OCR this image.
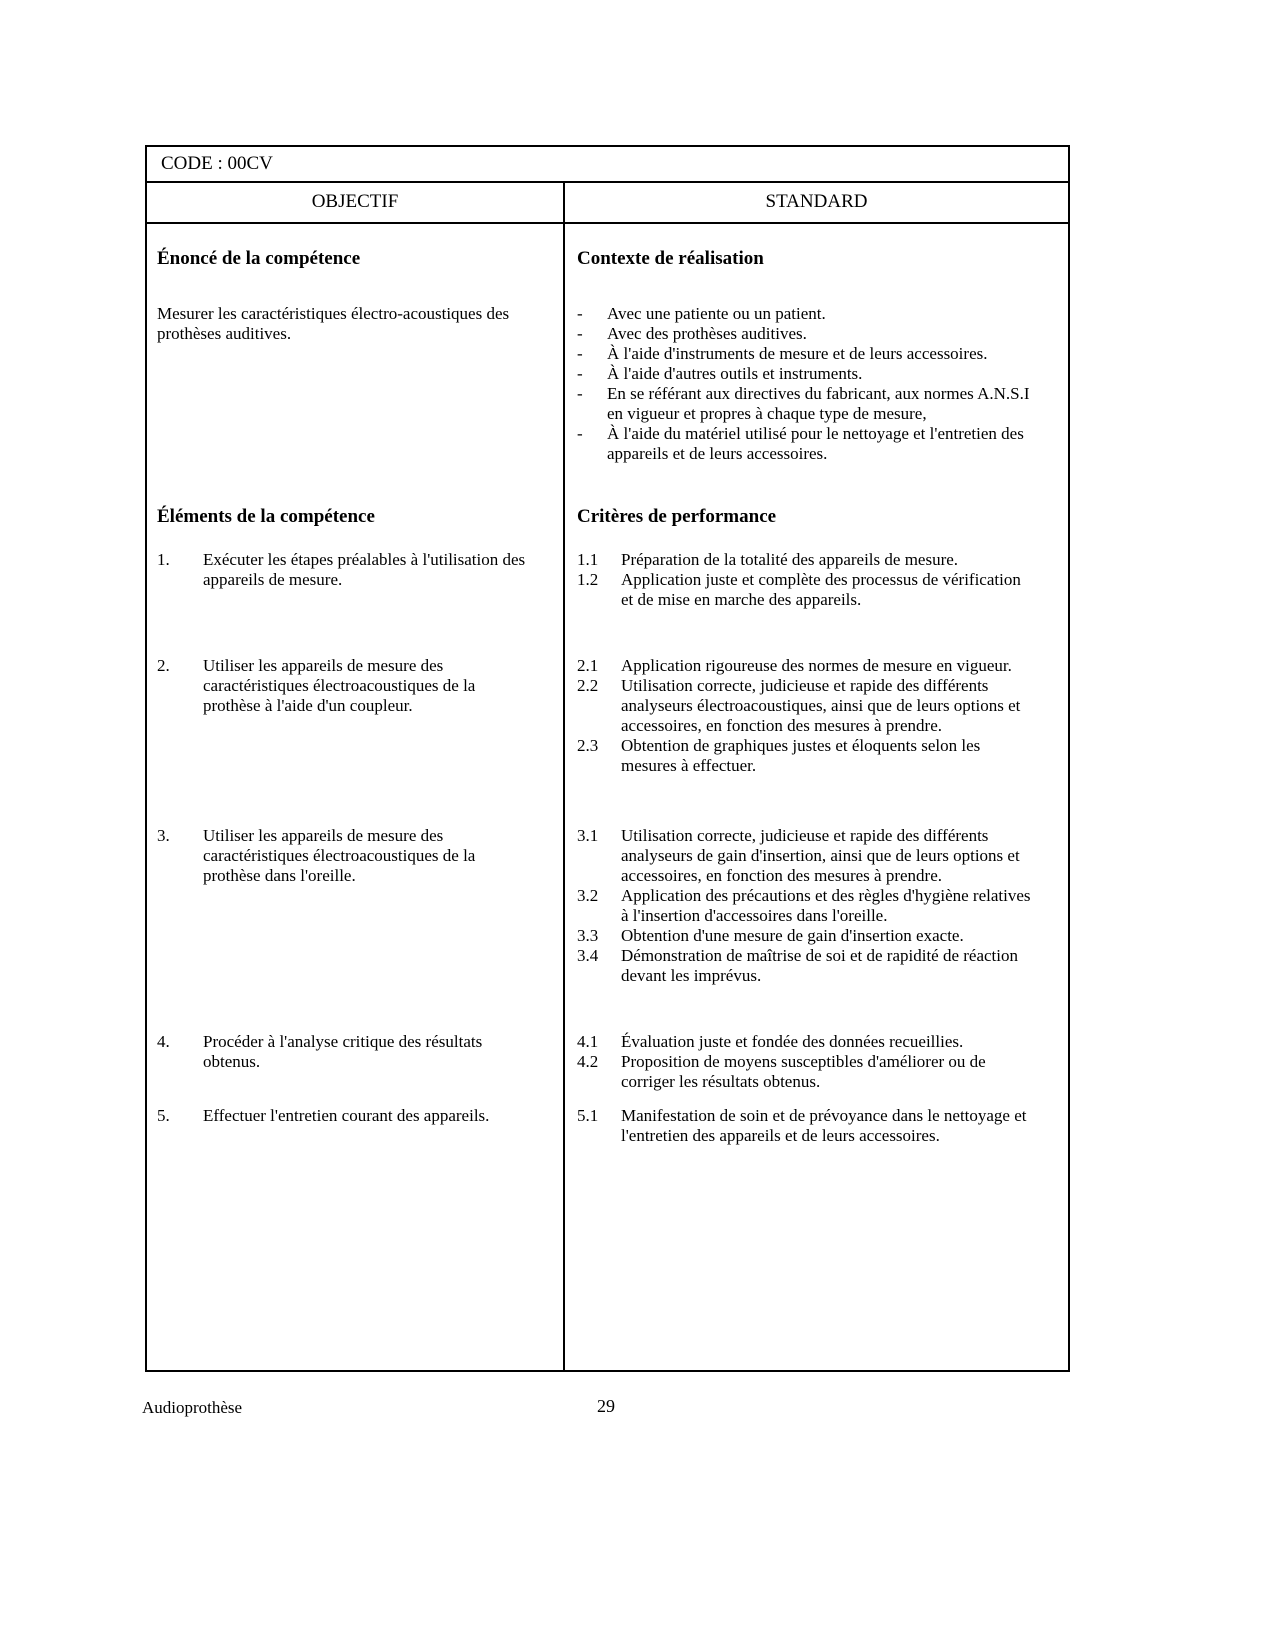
CODE : 00CV
OBJECTIF	STANDARD
Énoncé de la compétence	Contexte de réalisation
Mesurer les caractéristiques électro-acoustiques des prothèses auditives.
-	Avec une patiente ou un patient.
-	Avec des prothèses auditives.
-	À l'aide d'instruments de mesure et de leurs accessoires.
-	À l'aide d'autres outils et instruments.
-	En se référant aux directives du fabricant, aux normes A.N.S.I en vigueur et propres à chaque type de mesure,
-	À l'aide du matériel utilisé pour le nettoyage et l'entretien des appareils et de leurs accessoires.
Éléments de la compétence	Critères de performance
1.	Exécuter les étapes préalables à l'utilisation des appareils de mesure.
1.1	Préparation de la totalité des appareils de mesure.
1.2	Application juste et complète des processus de vérification et de mise en marche des appareils.
2.	Utiliser les appareils de mesure des caractéristiques électroacoustiques de la prothèse à l'aide d'un coupleur.
2.1	Application rigoureuse des normes de mesure en vigueur.
2.2	Utilisation correcte, judicieuse et rapide des différents analyseurs électroacoustiques, ainsi que de leurs options et accessoires, en fonction des mesures à prendre.
2.3	Obtention de graphiques justes et éloquents selon les mesures à effectuer.
3.	Utiliser les appareils de mesure des caractéristiques électroacoustiques de la prothèse dans l'oreille.
3.1	Utilisation correcte, judicieuse et rapide des différents analyseurs de gain d'insertion, ainsi que de leurs options et accessoires, en fonction des mesures à prendre.
3.2	Application des précautions et des règles d'hygiène relatives à l'insertion d'accessoires dans l'oreille.
3.3	Obtention d'une mesure de gain d'insertion exacte.
3.4	Démonstration de maîtrise de soi et de rapidité de réaction devant les imprévus.
4.	Procéder à l'analyse critique des résultats obtenus.
4.1	Évaluation juste et fondée des données recueillies.
4.2	Proposition de moyens susceptibles d'améliorer ou de corriger les résultats obtenus.
5.	Effectuer l'entretien courant des appareils.	5.1	Manifestation de soin et de prévoyance dans le nettoyage et l'entretien des appareils et de leurs accessoires.
Audioprothèse	29
